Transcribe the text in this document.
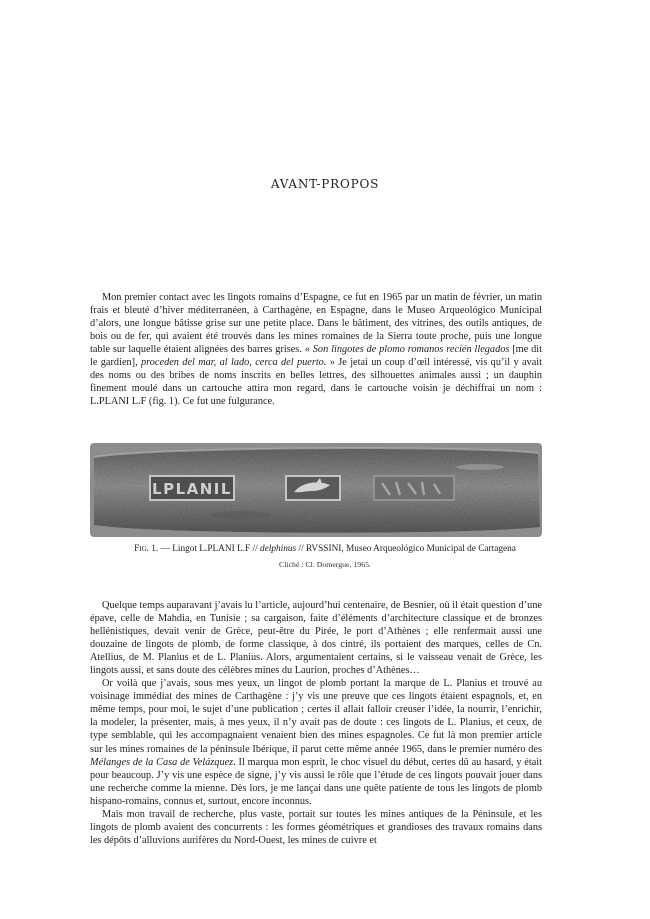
AVANT-PROPOS

Mon premier contact avec les lingots romains d’Espagne, ce fut en 1965 par un matin de février, un matin frais et bleuté d’hiver méditerranéen, à Carthagène, en Espagne, dans le Museo Arqueológico Municipal d’alors, une longue bâtisse grise sur une petite place. Dans le bâtiment, des vitrines, des outils antiques, de bois ou de fer, qui avaient été trouvés dans les mines romaines de la Sierra toute proche, puis une longue table sur laquelle étaient alignées des barres grises. « Son lingotes de plomo romanos recién llegados [me dit le gardien], proceden del mar, al lado, cerca del puerto. » Je jetai un coup d’œil intéressé, vis qu’il y avait des noms ou des bribes de noms inscrits en belles lettres, des silhouettes animales aussi ; un dauphin finement moulé dans un cartouche attira mon regard, dans le cartouche voisin je déchiffrai un nom : L.PLANI L.F (fig. 1). Ce fut une fulgurance.

LPLANIL
Fig. 1. — Lingot L.PLANI L.F // delphinus // RVSSINI, Museo Arqueológico Municipal de Cartagena
Cliché : Cl. Domergue, 1965.

Quelque temps auparavant j’avais lu l’article, aujourd’hui centenaire, de Besnier, où il était question d’une épave, celle de Mahdia, en Tunisie ; sa cargaison, faite d’éléments d’architecture classique et de bronzes hellénistiques, devait venir de Grèce, peut-être du Pirée, le port d’Athènes ; elle renfermait aussi une douzaine de lingots de plomb, de forme classique, à dos cintré, ils portaient des marques, celles de Cn. Atellius, de M. Planius et de L. Planius. Alors, argumentaient certains, si le vaisseau venait de Grèce, les lingots aussi, et sans doute des célèbres mines du Laurion, proches d’Athènes…

Or voilà que j’avais, sous mes yeux, un lingot de plomb portant la marque de L. Planius et trouvé au voisinage immédiat des mines de Carthagène : j’y vis une preuve que ces lingots étaient espagnols, et, en même temps, pour moi, le sujet d’une publication ; certes il allait falloir creuser l’idée, la nourrir, l’enrichir, la modeler, la présenter, mais, à mes yeux, il n’y avait pas de doute : ces lingots de L. Planius, et ceux, de type semblable, qui les accompagnaient venaient bien des mines espagnoles. Ce fut là mon premier article sur les mines romaines de la péninsule Ibérique, il parut cette même année 1965, dans le premier numéro des Mélanges de la Casa de Velázquez. Il marqua mon esprit, le choc visuel du début, certes dû au hasard, y était pour beaucoup. J’y vis une espèce de signe, j’y vis aussi le rôle que l’étude de ces lingots pouvait jouer dans une recherche comme la mienne. Dès lors, je me lançai dans une quête patiente de tous les lingots de plomb hispano-romains, connus et, surtout, encore inconnus.

Mais mon travail de recherche, plus vaste, portait sur toutes les mines antiques de la Péninsule, et les lingots de plomb avaient des concurrents : les formes géométriques et grandioses des travaux romains dans les dépôts d’alluvions aurifères du Nord-Ouest, les mines de cuivre et
